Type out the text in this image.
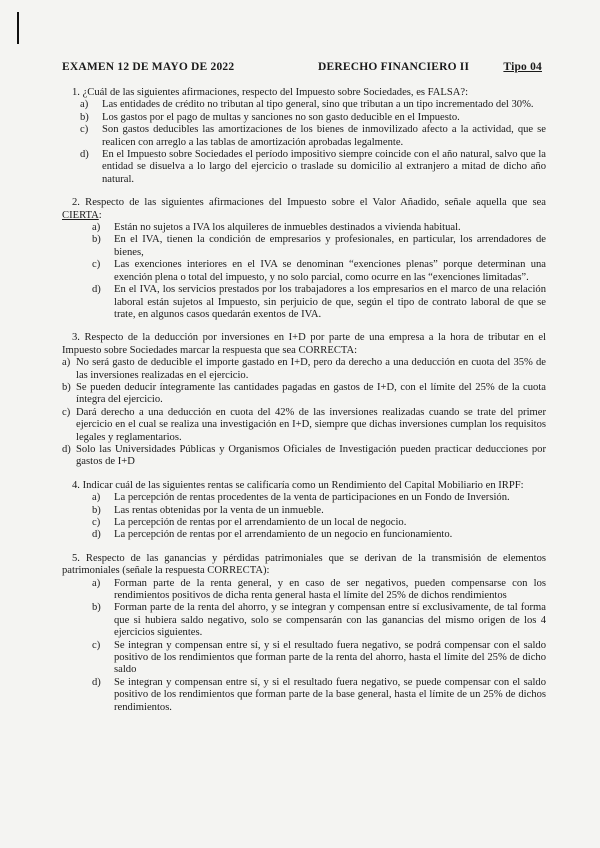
EXAMEN 12 DE MAYO DE 2022	DERECHO FINANCIERO II	Tipo 04
1. ¿Cuál de las siguientes afirmaciones, respecto del Impuesto sobre Sociedades, es FALSA?:
a)	Las entidades de crédito no tributan al tipo general, sino que tributan a un tipo incrementado del 30%.
b)	Los gastos por el pago de multas y sanciones no son gasto deducible en el Impuesto.
c)	Son gastos deducibles las amortizaciones de los bienes de inmovilizado afecto a la actividad, que se realicen con arreglo a las tablas de amortización aprobadas legalmente.
d)	En el Impuesto sobre Sociedades el período impositivo siempre coincide con el año natural, salvo que la entidad se disuelva a lo largo del ejercicio o traslade su domicilio al extranjero a mitad de dicho año natural.
2. Respecto de las siguientes afirmaciones del Impuesto sobre el Valor Añadido, señale aquella que sea CIERTA:
a)	Están no sujetos a IVA los alquileres de inmuebles destinados a vivienda habitual.
b)	En el IVA, tienen la condición de empresarios y profesionales, en particular, los arrendadores de bienes,
c)	Las exenciones interiores en el IVA se denominan “exenciones plenas” porque determinan una exención plena o total del impuesto, y no solo parcial, como ocurre en las “exenciones limitadas”.
d)	En el IVA, los servicios prestados por los trabajadores a los empresarios en el marco de una relación laboral están sujetos al Impuesto, sin perjuicio de que, según el tipo de contrato laboral de que se trate, en algunos casos quedarán exentos de IVA.
3. Respecto de la deducción por inversiones en I+D por parte de una empresa a la hora de tributar en el Impuesto sobre Sociedades marcar la respuesta que sea CORRECTA:
a) No será gasto de deducible el importe gastado en I+D, pero da derecho a una deducción en cuota del 35% de las inversiones realizadas en el ejercicio.
b) Se pueden deducir íntegramente las cantidades pagadas en gastos de I+D, con el límite del 25% de la cuota íntegra del ejercicio.
c) Dará derecho a una deducción en cuota del 42% de las inversiones realizadas cuando se trate del primer ejercicio en el cual se realiza una investigación en I+D, siempre que dichas inversiones cumplan los requisitos legales y reglamentarios.
d) Solo las Universidades Públicas y Organismos Oficiales de Investigación pueden practicar deducciones por gastos de I+D
4. Indicar cuál de las siguientes rentas se calificaría como un Rendimiento del Capital Mobiliario en IRPF:
a)	La percepción de rentas procedentes de la venta de participaciones en un Fondo de Inversión.
b)	Las rentas obtenidas por la venta de un inmueble.
c)	La percepción de rentas por el arrendamiento de un local de negocio.
d)	La percepción de rentas por el arrendamiento de un negocio en funcionamiento.
5. Respecto de las ganancias y pérdidas patrimoniales que se derivan de la transmisión de elementos patrimoniales (señale la respuesta CORRECTA):
a)	Forman parte de la renta general, y en caso de ser negativos, pueden compensarse con los rendimientos positivos de dicha renta general hasta el límite del 25% de dichos rendimientos
b)	Forman parte de la renta del ahorro, y se integran y compensan entre sí exclusivamente, de tal forma que si hubiera saldo negativo, solo se compensarán con las ganancias del mismo origen de los 4 ejercicios siguientes.
c)	Se integran y compensan entre sí, y si el resultado fuera negativo, se podrá compensar con el saldo positivo de los rendimientos que forman parte de la renta del ahorro, hasta el límite del 25% de dicho saldo
d)	Se integran y compensan entre sí, y si el resultado fuera negativo, se puede compensar con el saldo positivo de los rendimientos que forman parte de la base general, hasta el límite de un 25% de dichos rendimientos.
